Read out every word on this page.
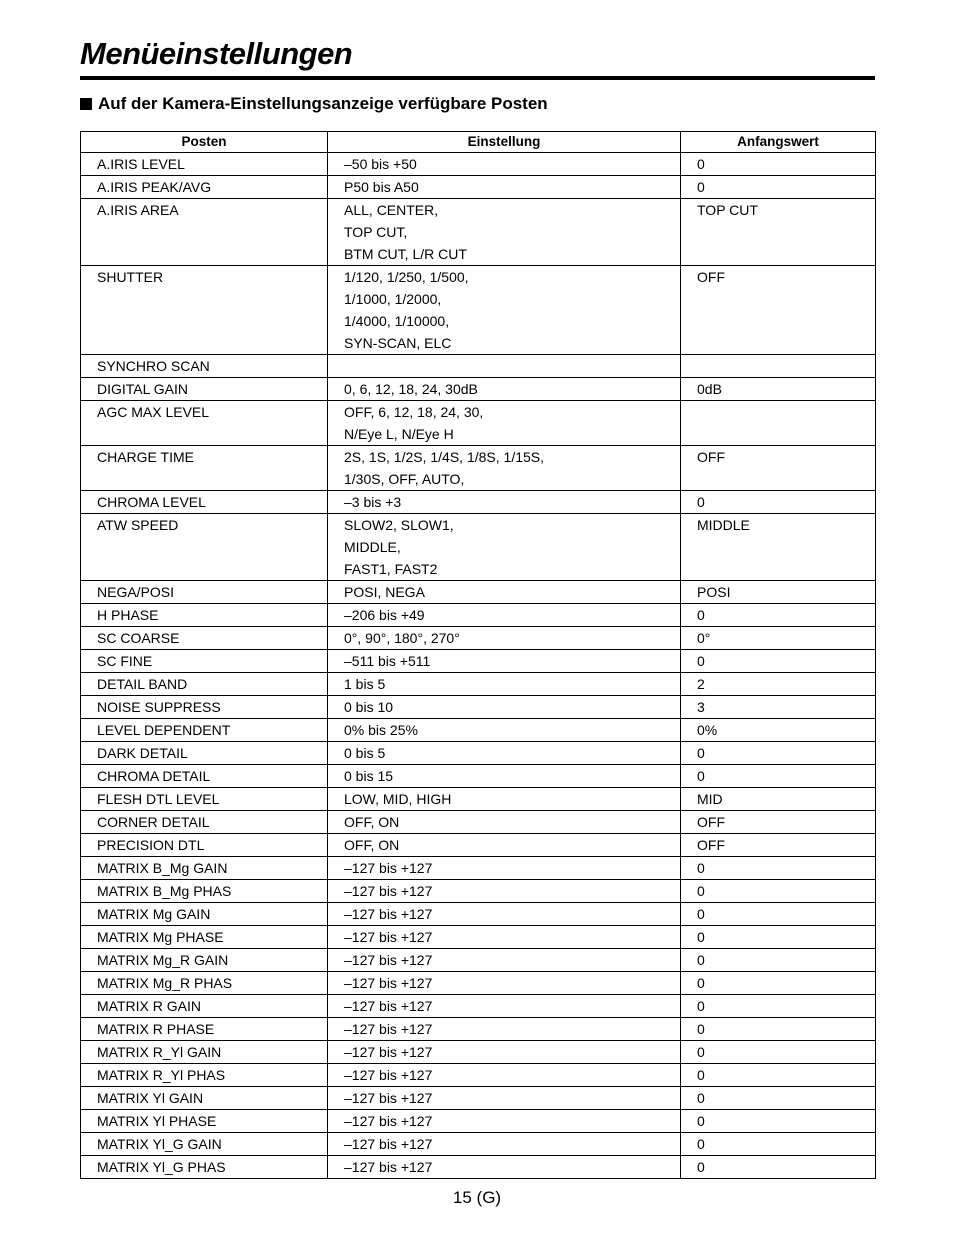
Menüeinstellungen
Auf der Kamera-Einstellungsanzeige verfügbare Posten
Posten	Einstellung	Anfangswert

A.IRIS LEVEL	–50 bis +50	0

A.IRIS PEAK/AVG	P50 bis A50	0

A.IRIS AREA	ALL, CENTER,
TOP CUT,
BTM CUT, L/R CUT	TOP CUT

SHUTTER	1/120, 1/250, 1/500,
1/1000, 1/2000,
1/4000, 1/10000,
SYN-SCAN, ELC	OFF

SYNCHRO SCAN

DIGITAL GAIN	0, 6, 12, 18, 24, 30dB	0dB

AGC MAX LEVEL	OFF, 6, 12, 18, 24, 30,
N/Eye L, N/Eye H

CHARGE TIME	2S, 1S, 1/2S, 1/4S, 1/8S, 1/15S,
1/30S, OFF, AUTO,	OFF

CHROMA LEVEL	–3 bis +3	0

ATW SPEED	SLOW2, SLOW1,
MIDDLE,
FAST1, FAST2	MIDDLE

NEGA/POSI	POSI, NEGA	POSI

H PHASE	–206 bis +49	0

SC COARSE	0°, 90°, 180°, 270°	0°

SC FINE	–511 bis +511	0

DETAIL BAND	1 bis 5	2

NOISE SUPPRESS	0 bis 10	3

LEVEL DEPENDENT	0% bis 25%	0%

DARK DETAIL	0 bis 5	0

CHROMA DETAIL	0 bis 15	0

FLESH DTL LEVEL	LOW, MID, HIGH	MID

CORNER DETAIL	OFF, ON	OFF

PRECISION DTL	OFF, ON	OFF

MATRIX B_Mg GAIN	–127 bis +127	0

MATRIX B_Mg PHAS	–127 bis +127	0

MATRIX Mg GAIN	–127 bis +127	0

MATRIX Mg PHASE	–127 bis +127	0

MATRIX Mg_R GAIN	–127 bis +127	0

MATRIX Mg_R PHAS	–127 bis +127	0

MATRIX R GAIN	–127 bis +127	0

MATRIX R PHASE	–127 bis +127	0

MATRIX R_Yl GAIN	–127 bis +127	0

MATRIX R_Yl PHAS	–127 bis +127	0

MATRIX Yl GAIN	–127 bis +127	0

MATRIX Yl PHASE	–127 bis +127	0

MATRIX Yl_G GAIN	–127 bis +127	0

MATRIX Yl_G PHAS	–127 bis +127	0
15 (G)
